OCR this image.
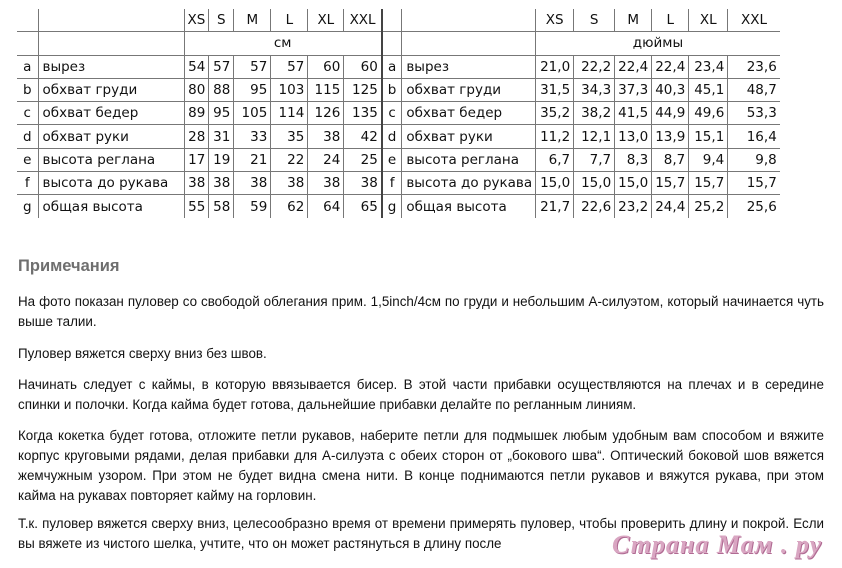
		XS	S	M	L	XL	XXL			XS	S	M	L	XL	XXL
		см								дюймы					
a	вырез	54	57	57	57	60	60	a	вырез	21,0	22,2	22,4	22,4	23,4	23,6
b	обхват груди	80	88	95	103	115	125	b	обхват груди	31,5	34,3	37,3	40,3	45,1	48,7
c	обхват бедер	89	95	105	114	126	135	c	обхват бедер	35,2	38,2	41,5	44,9	49,6	53,3
d	обхват руки	28	31	33	35	38	42	d	обхват руки	11,2	12,1	13,0	13,9	15,1	16,4
e	высота реглана	17	19	21	22	24	25	e	высота реглана	6,7	7,7	8,3	8,7	9,4	9,8
f	высота до рукава	38	38	38	38	38	38	f	высота до рукава	15,0	15,0	15,0	15,7	15,7	15,7
g	общая высота	55	58	59	62	64	65	g	общая высота	21,7	22,6	23,2	24,4	25,2	25,6
Примечания

На фото показан пуловер со свободой облегания прим. 1,5inch/4см по груди и небольшим А-силуэтом, который начинается чуть выше талии.

Пуловер вяжется сверху вниз без швов.

Начинать следует с каймы, в которую ввязывается бисер. В этой части прибавки осуществляются на плечах и в середине спинки и полочки. Когда кайма будет готова, дальнейшие прибавки делайте по регланным линиям.

Когда кокетка будет готова, отложите петли рукавов, наберите петли для подмышек любым удобным вам способом и вяжите корпус круговыми рядами, делая прибавки для А-силуэта с обеих сторон от „бокового шва“. Оптический боковой шов вяжется жемчужным узором. При этом не будет видна смена нити. В конце поднимаются петли рукавов и вяжутся рукава, при этом кайма на рукавах повторяет кайму на горловин.

Т.к. пуловер вяжется сверху вниз, целесообразно время от времени примерять пуловер, чтобы проверить длину и покрой. Если вы вяжете из чистого шелка, учтите, что он может растянуться в длину после	Страна Мам . ру
